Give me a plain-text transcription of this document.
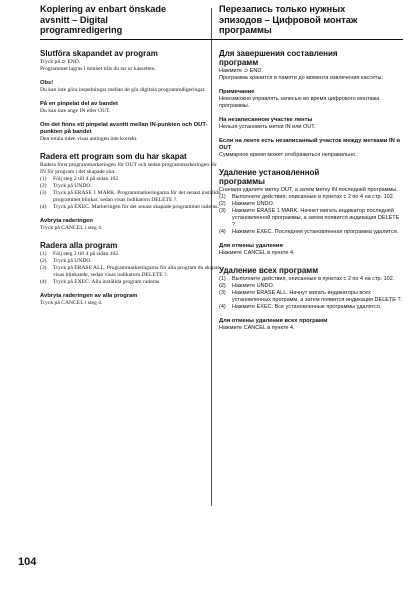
Koplering av enbart önskade
avsnitt – Digital
programredigering
Slutföra skapandet av program

Tryck på ⊃ END.

Programmet lagras i minnet tills du tar ur kassetten.

Obs!

Du kan inte göra inspelningar mellan de gör digitala programredigeringar.

På en pinpelat del av bandet

Du kan inte ange IN eller OUT.

Om det finns ett pinpelat avsnitt mellan IN-punkten och OUT-punkten på bandet

Den totala tiden visas antingen inte korrekt.

Radera ett program som du har skapat

Radera först programmarkeringen för OUT och sedan programmarkeringen för IN för program i det skapade slut.

(1)	Följ steg 2 till 4 på sidan 102.
(2)	Tryck på UNDO.
(3)	Tryck på ERASE 1 MARK. Programmarkeringarna för det senast inställda programmet blinkar, sedan visas indikatorn DELETE ?.
(4)	Tryck på EXEC. Markeringen för det senast skapade programmet raderas.
Avbryta raderingen

Tryck på CANCEL i steg 4.

Radera alla program
(1)	Följ steg 2 till 4 på sidan 102.
(2)	Tryck på UNDO.
(3)	Tryck på ERASE ALL. Programmarkeringarna för alla program du skapat visas blinkande, sedan visas indikatorn DELETE ?.
(4)	Tryck på EXEC. Alla inställda program raderas.
Avbryta raderingen av alla program

Tryck på CANCEL i steg 4.

Перезапись только нужных
эпизодов – Цифровой монтаж
программы
Для завершения составления
программ

Нажмите ⊃ END.

Программа хранится в памяти до момента извлечения кассеты.

Примечание

Невозможно управлять записью во время цифрового монтажа программы.

На незаписанном участке ленты

Нельзя установить метки IN или OUT.

Если на ленте есть незаписанный участок между метками IN и OUT

Суммарное время может отображаться неправильно.

Удаление установленной
программы

Сначала удалите метку OUT, а затем метку IN последней программы.

(1)	Выполните действия, описанные в пунктах с 2 по 4 на стр. 102.
(2)	Нажмите UNDO.
(3)	Нажмите ERASE 1 MARK. Начнет мигать индикатор последней установленной программы, а затем появится индикация DELETE ?.
(4)	Нажмите EXEC. Последняя установленная программа удалится.
Для отмены удаления

Нажмите CANCEL в пункте 4.

Удаление всех программ
(1)	Выполните действия, описанные в пунктах с 2 по 4 на стр. 102.
(2)	Нажмите UNDO.
(3)	Нажмите ERASE ALL. Начнут мигать индикаторы всех установленных программ, а затем появится индикация DELETE ?.
(4)	Нажмите EXEC. Все установленные программы удалятся.
Для отмены удаления всех программ

Нажмите CANCEL в пункте 4.

104
